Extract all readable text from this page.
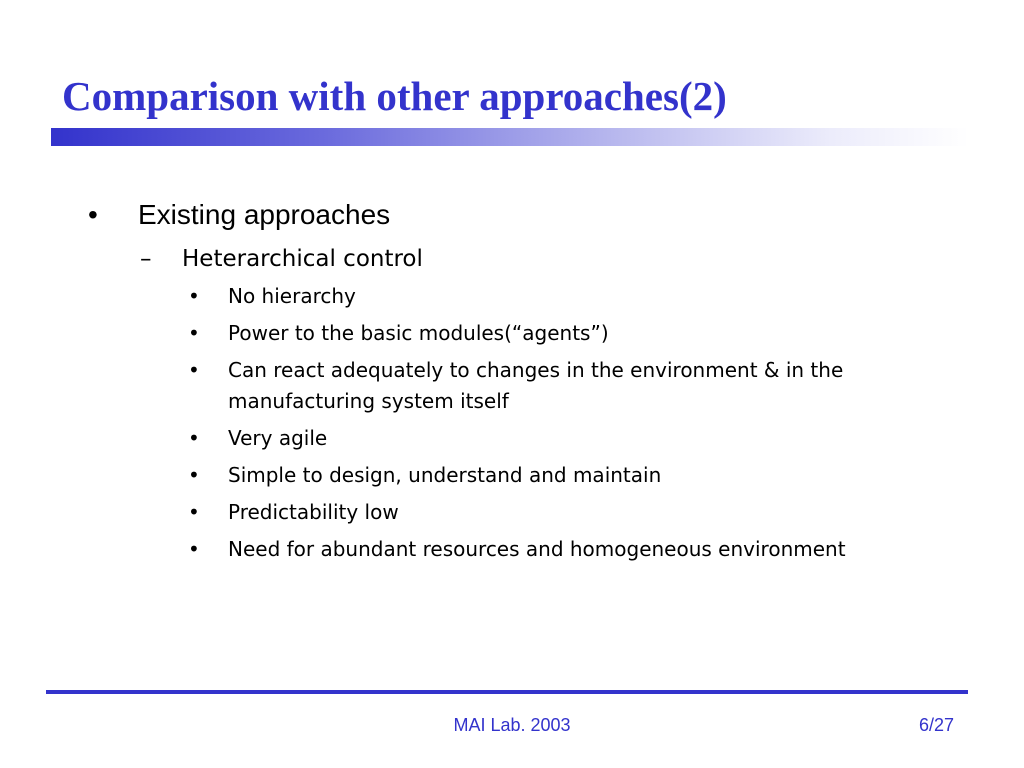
Comparison with other approaches(2)
• Existing approaches
– Heterarchical control
• No hierarchy
• Power to the basic modules(“agents”)
• Can react adequately to changes in the environment & in the manufacturing system itself
• Very agile
• Simple to design, understand and maintain
• Predictability low
• Need for abundant resources and homogeneous environment
MAI Lab. 2003	6/27
